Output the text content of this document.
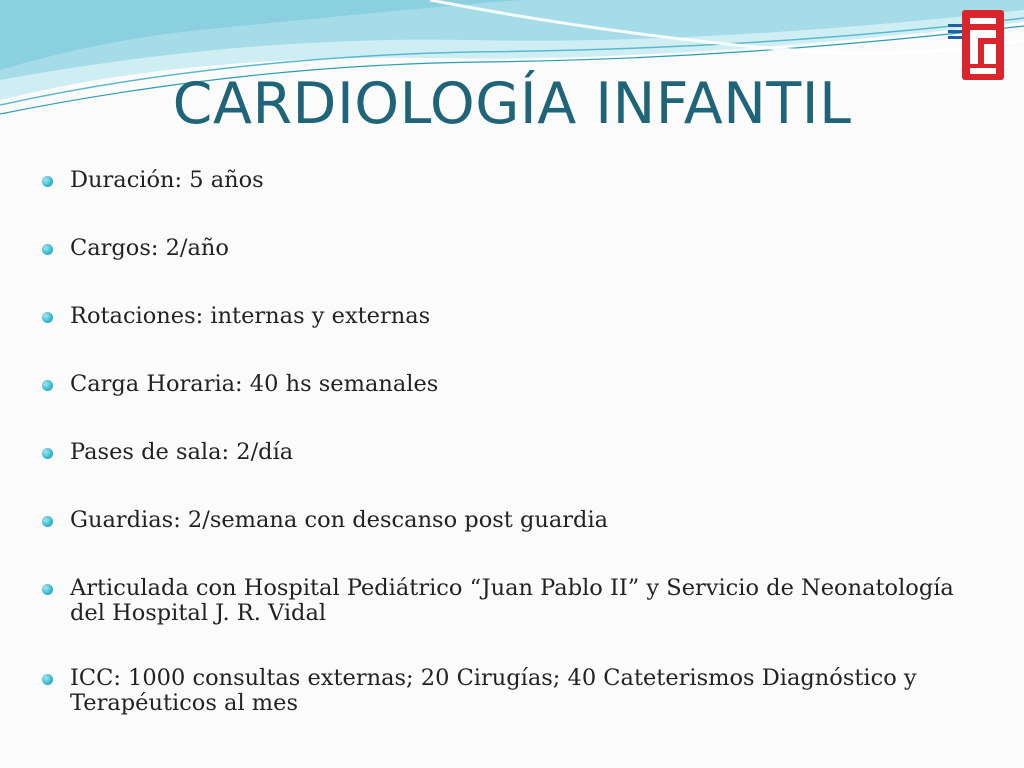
CARDIOLOGÍA INFANTIL
Duración: 5 años
Cargos: 2/año
Rotaciones: internas y externas
Carga Horaria: 40 hs semanales
Pases de sala: 2/día
Guardias: 2/semana con descanso post guardia
Articulada con Hospital Pediátrico “Juan Pablo II” y Servicio de Neonatología del Hospital J. R. Vidal
ICC: 1000 consultas externas; 20 Cirugías; 40 Cateterismos Diagnóstico y Terapéuticos al mes
